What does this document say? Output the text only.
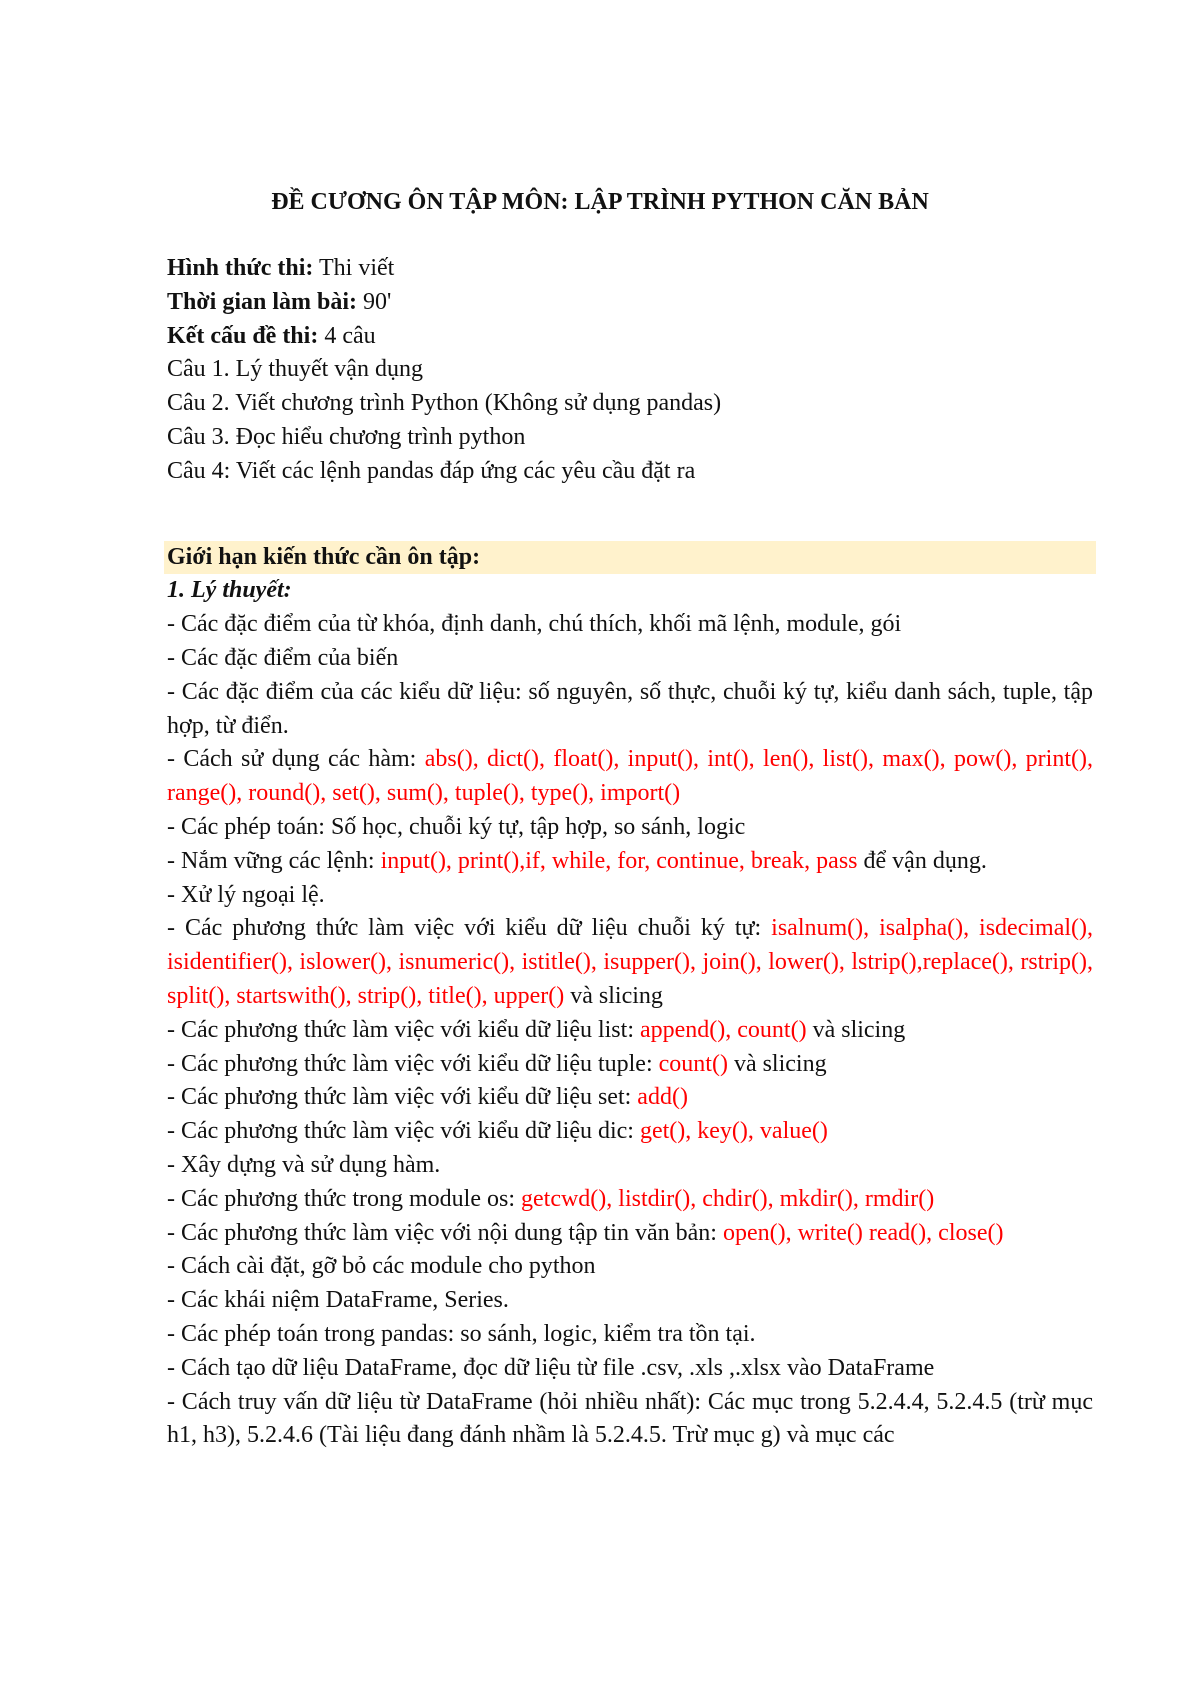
ĐỀ CƯƠNG ÔN TẬP MÔN: LẬP TRÌNH PYTHON CĂN BẢN
Hình thức thi: Thi viết
Thời gian làm bài: 90'
Kết cấu đề thi: 4 câu
Câu 1. Lý thuyết vận dụng
Câu 2. Viết chương trình Python (Không sử dụng pandas)
Câu 3. Đọc hiểu chương trình python
Câu 4: Viết các lệnh pandas đáp ứng các yêu cầu đặt ra
Giới hạn kiến thức cần ôn tập:
1. Lý thuyết:
- Các đặc điểm của từ khóa, định danh, chú thích, khối mã lệnh, module, gói
- Các đặc điểm của biến
- Các đặc điểm của các kiểu dữ liệu: số nguyên, số thực, chuỗi ký tự, kiểu danh sách, tuple, tập hợp, từ điển.
- Cách sử dụng các hàm: abs(), dict(), float(), input(), int(), len(), list(), max(), pow(), print(), range(), round(), set(), sum(), tuple(), type(), import()
- Các phép toán: Số học, chuỗi ký tự, tập hợp, so sánh, logic
- Nắm vững các lệnh: input(), print(),if, while, for, continue, break, pass để vận dụng.
- Xử lý ngoại lệ.
- Các phương thức làm việc với kiểu dữ liệu chuỗi ký tự: isalnum(), isalpha(), isdecimal(), isidentifier(), islower(), isnumeric(), istitle(), isupper(), join(), lower(), lstrip(),replace(), rstrip(), split(), startswith(), strip(), title(), upper() và slicing
- Các phương thức làm việc với kiểu dữ liệu list: append(), count() và slicing
- Các phương thức làm việc với kiểu dữ liệu tuple: count() và slicing
- Các phương thức làm việc với kiểu dữ liệu set: add()
- Các phương thức làm việc với kiểu dữ liệu dic: get(), key(), value()
- Xây dựng và sử dụng hàm.
- Các phương thức trong module os: getcwd(), listdir(), chdir(), mkdir(), rmdir()
- Các phương thức làm việc với nội dung tập tin văn bản: open(), write() read(), close()
- Cách cài đặt, gỡ bỏ các module cho python
- Các khái niệm DataFrame, Series.
- Các phép toán trong pandas: so sánh, logic, kiểm tra tồn tại.
- Cách tạo dữ liệu DataFrame, đọc dữ liệu từ file .csv, .xls ,.xlsx vào DataFrame
- Cách truy vấn dữ liệu từ DataFrame (hỏi nhiều nhất): Các mục trong 5.2.4.4, 5.2.4.5 (trừ mục h1, h3), 5.2.4.6 (Tài liệu đang đánh nhầm là 5.2.4.5. Trừ mục g) và mục các
